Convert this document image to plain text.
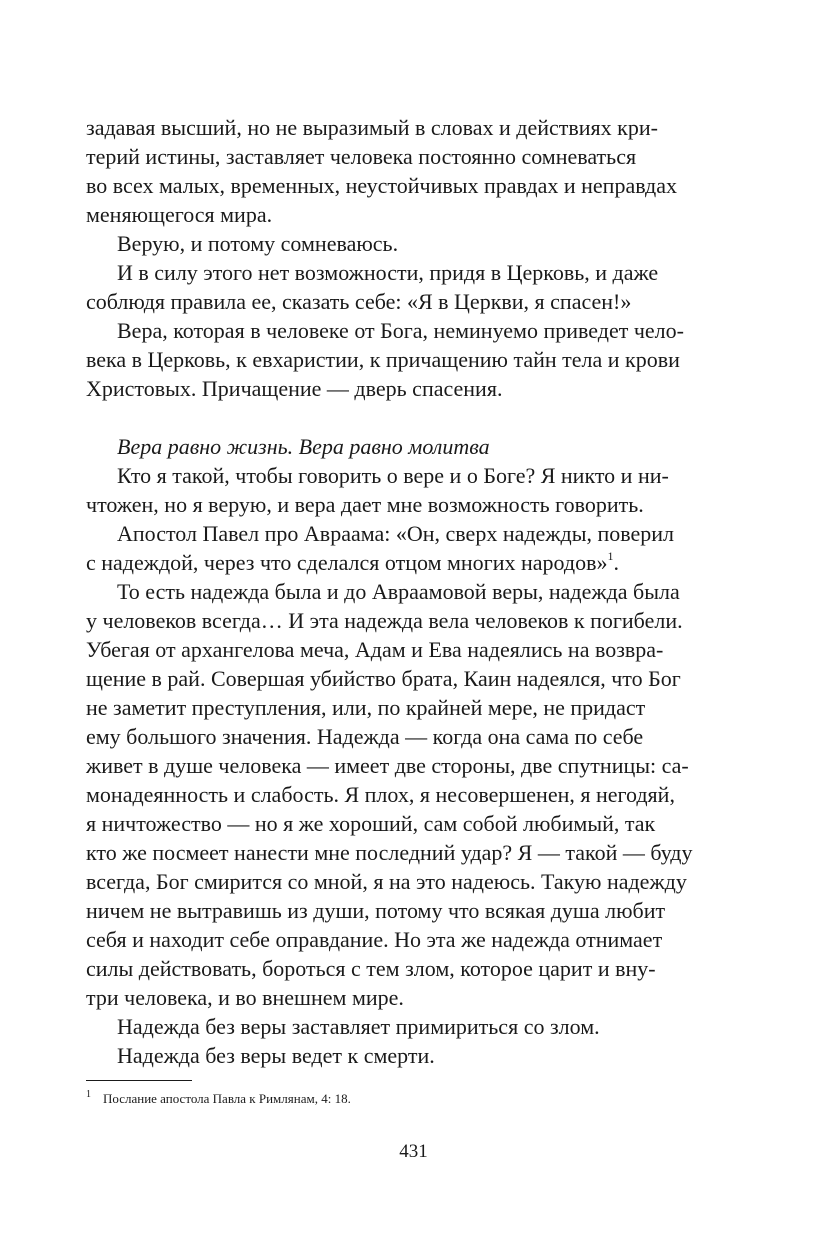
задавая высший, но не выразимый в словах и действиях кри-
терий истины, заставляет человека постоянно сомневаться
во всех малых, временных, неустойчивых правдах и неправдах
меняющегося мира.
Верую, и потому сомневаюсь.
И в силу этого нет возможности, придя в Церковь, и даже
соблюдя правила ее, сказать себе: «Я в Церкви, я спасен!»
Вера, которая в человеке от Бога, неминуемо приведет чело-
века в Церковь, к евхаристии, к причащению тайн тела и крови
Христовых. Причащение — дверь спасения.
Вера равно жизнь. Вера равно молитва
Кто я такой, чтобы говорить о вере и о Боге? Я никто и ни-
чтожен, но я верую, и вера дает мне возможность говорить.
Апостол Павел про Авраама: «Он, сверх надежды, поверил
с надеждой, через что сделался отцом многих народов»$^1$.
То есть надежда была и до Авраамовой веры, надежда была
у человеков всегда… И эта надежда вела человеков к погибели.
Убегая от архангелова меча, Адам и Ева надеялись на возвра-
щение в рай. Совершая убийство брата, Каин надеялся, что Бог
не заметит преступления, или, по крайней мере, не придаст
ему большого значения. Надежда — когда она сама по себе
живет в душе человека — имеет две стороны, две спутницы: са-
монадеянность и слабость. Я плох, я несовершенен, я негодяй,
я ничтожество — но я же хороший, сам собой любимый, так
кто же посмеет нанести мне последний удар? Я — такой — буду
всегда, Бог смирится со мной, я на это надеюсь. Такую надежду
ничем не вытравишь из души, потому что всякая душа любит
себя и находит себе оправдание. Но эта же надежда отнимает
силы действовать, бороться с тем злом, которое царит и вну-
три человека, и во внешнем мире.
Надежда без веры заставляет примириться со злом.
Надежда без веры ведет к смерти.
1 Послание апостола Павла к Римлянам, 4: 18.
431
